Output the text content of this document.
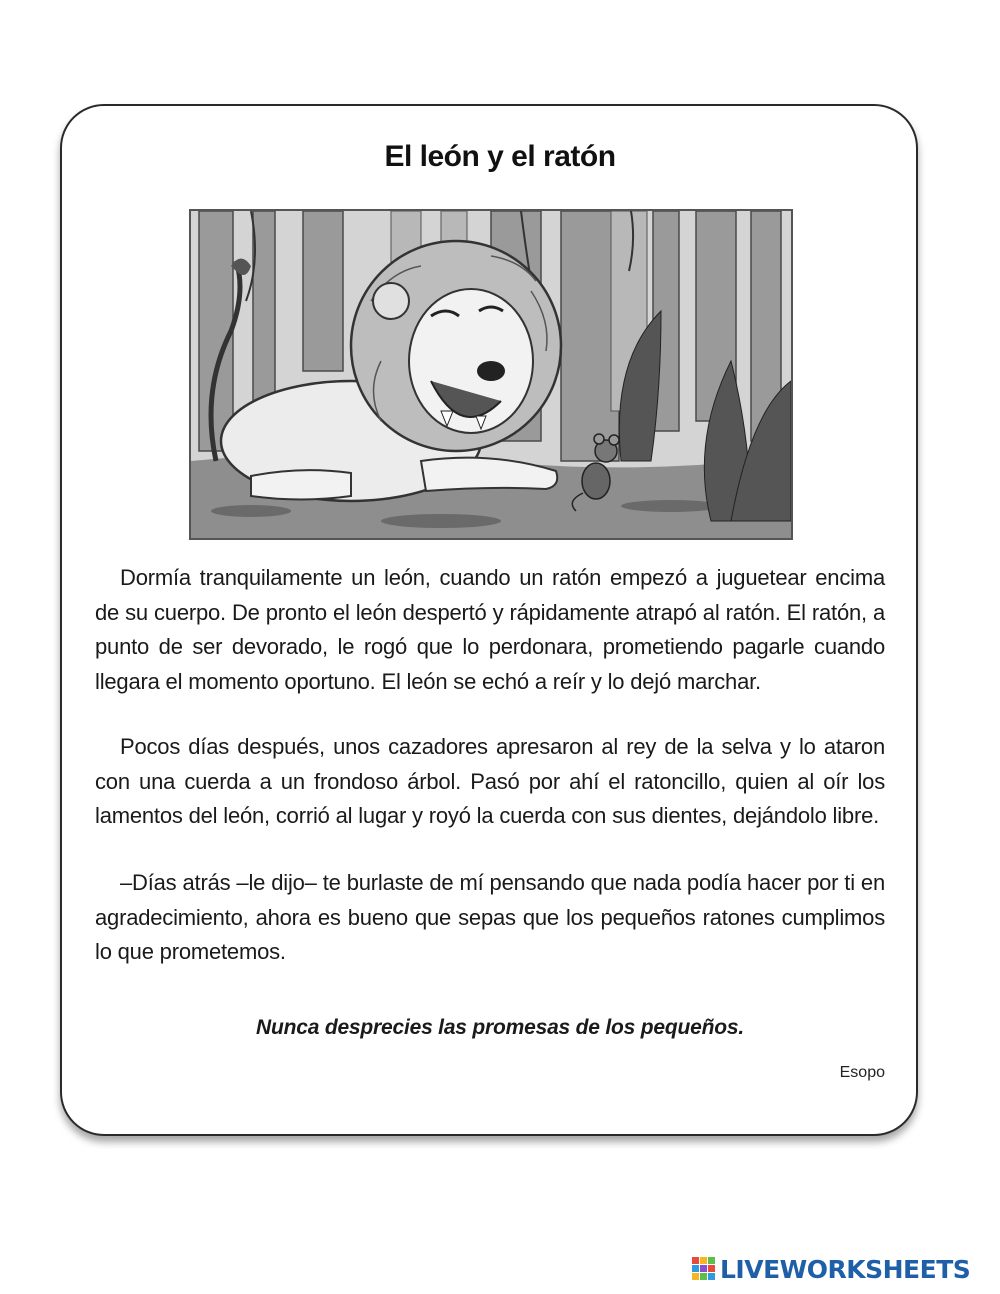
El león y el ratón

Dormía tranquilamente un león, cuando un ratón empezó a juguetear encima de su cuerpo. De pronto el león despertó y rápidamente atrapó al ratón. El ratón, a punto de ser devorado, le rogó que lo perdonara, prometiendo pagarle cuando llegara el momento oportuno. El león se echó a reír y lo dejó marchar.

Pocos días después, unos cazadores apresaron al rey de la selva y lo ataron con una cuerda a un frondoso árbol. Pasó por ahí el ratoncillo, quien al oír los lamentos del león, corrió al lugar y royó la cuerda con sus dientes, dejándolo libre.

–Días atrás –le dijo– te burlaste de mí pensando que nada podía hacer por ti en agradecimiento, ahora es bueno que sepas que los pequeños ratones cumplimos lo que prometemos.

Nunca desprecies las promesas de los pequeños.
Esopo
LIVEWORKSHEETS
